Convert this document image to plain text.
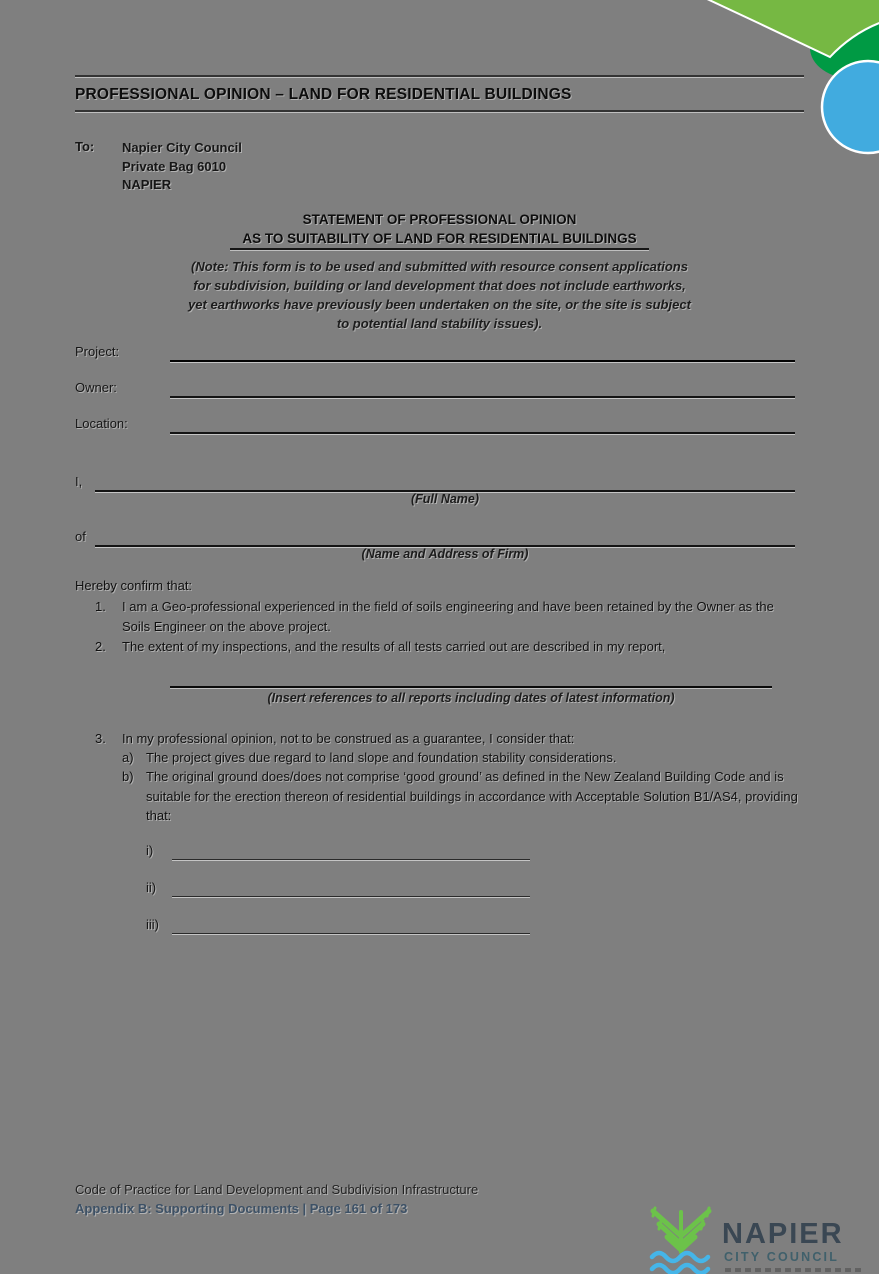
PROFESSIONAL OPINION – LAND FOR RESIDENTIAL BUILDINGS
To: Napier City Council
Private Bag 6010
NAPIER
STATEMENT OF PROFESSIONAL OPINION
AS TO SUITABILITY OF LAND FOR RESIDENTIAL BUILDINGS
(Note: This form is to be used and submitted with resource consent applications
for subdivision, building or land development that does not include earthworks,
yet earthworks have previously been undertaken on the site, or the site is subject
to potential land stability issues).
Project:
Owner:
Location:
I,
(Full Name)
of
(Name and Address of Firm)
Hereby confirm that:
1. I am a Geo-professional experienced in the field of soils engineering and have been retained by the Owner as the Soils Engineer on the above project.
2. The extent of my inspections, and the results of all tests carried out are described in my report,
(Insert references to all reports including dates of latest information)
3. In my professional opinion, not to be construed as a guarantee, I consider that:
a) The project gives due regard to land slope and foundation stability considerations.
b) The original ground does/does not comprise ‘good ground’ as defined in the New Zealand Building Code and is suitable for the erection thereon of residential buildings in accordance with Acceptable Solution B1/AS4, providing that:
i)
ii)
iii)
Code of Practice for Land Development and Subdivision Infrastructure
Appendix B: Supporting Documents | Page 161 of 173
NAPIER
CITY COUNCIL
